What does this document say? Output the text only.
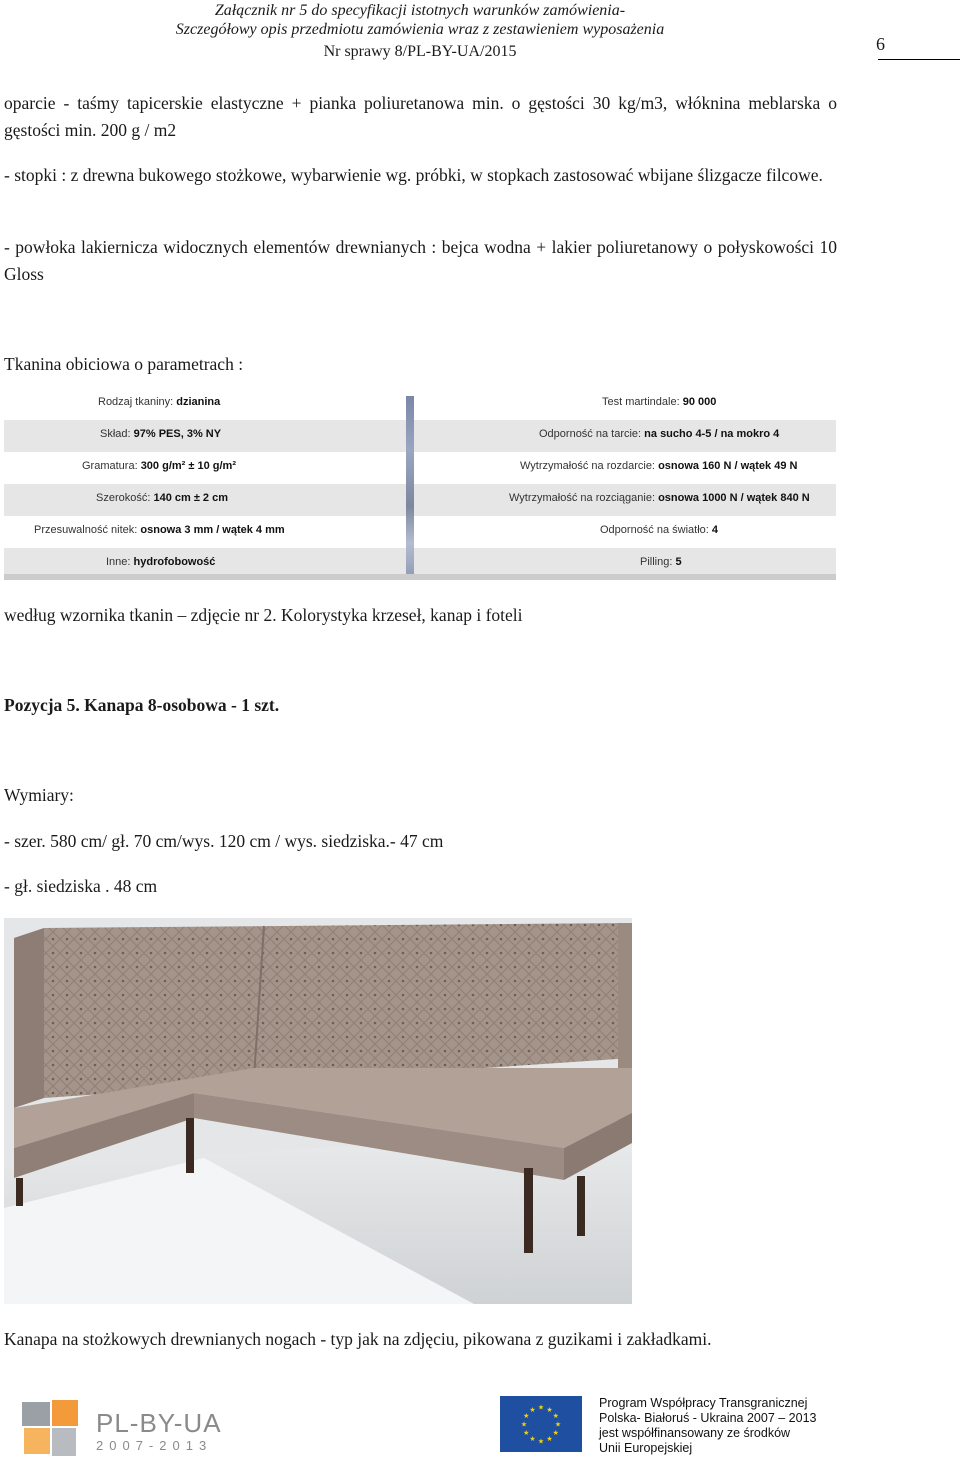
Załącznik nr 5 do specyfikacji istotnych warunków zamówienia-
Szczegółowy opis przedmiotu zamówienia wraz z zestawieniem wyposażenia
Nr sprawy 8/PL-BY-UA/2015	6
oparcie - taśmy tapicerskie elastyczne + pianka poliuretanowa min. o gęstości 30 kg/m3, włóknina meblarska o gęstości min. 200 g / m2
- stopki : z drewna bukowego stożkowe, wybarwienie wg. próbki, w stopkach zastosować wbijane ślizgacze filcowe.
- powłoka lakiernicza widocznych elementów drewnianych : bejca wodna + lakier poliuretanowy o połyskowości 10 Gloss
Tkanina obiciowa o parametrach :
Rodzaj tkaniny: dzianina	Test martindale: 90 000
Skład: 97% PES, 3% NY	Odporność na tarcie: na sucho 4-5 / na mokro 4
Gramatura: 300 g/m² ± 10 g/m²	Wytrzymałość na rozdarcie: osnowa 160 N / wątek 49 N
Szerokość: 140 cm ± 2 cm	Wytrzymałość na rozciąganie: osnowa 1000 N / wątek 840 N
Przesuwalność nitek: osnowa 3 mm / wątek 4 mm	Odporność na światło: 4
Inne: hydrofobowość	Pilling: 5
według wzornika tkanin – zdjęcie nr 2. Kolorystyka krzeseł, kanap i foteli
Pozycja 5. Kanapa 8-osobowa - 1 szt.
Wymiary:
- szer. 580 cm/ gł. 70 cm/wys. 120 cm / wys. siedziska.- 47 cm
- gł. siedziska . 48 cm
Kanapa na stożkowych drewnianych nogach - typ jak na zdjęciu, pikowana z guzikami i zakładkami.
PL-BY-UA
2007-2013
★ ★
★
★
★
★
★
★
★
★
★
★	Program Współpracy Transgranicznej
Polska- Białoruś - Ukraina 2007 – 2013
jest współfinansowany ze środków
Unii Europejskiej
